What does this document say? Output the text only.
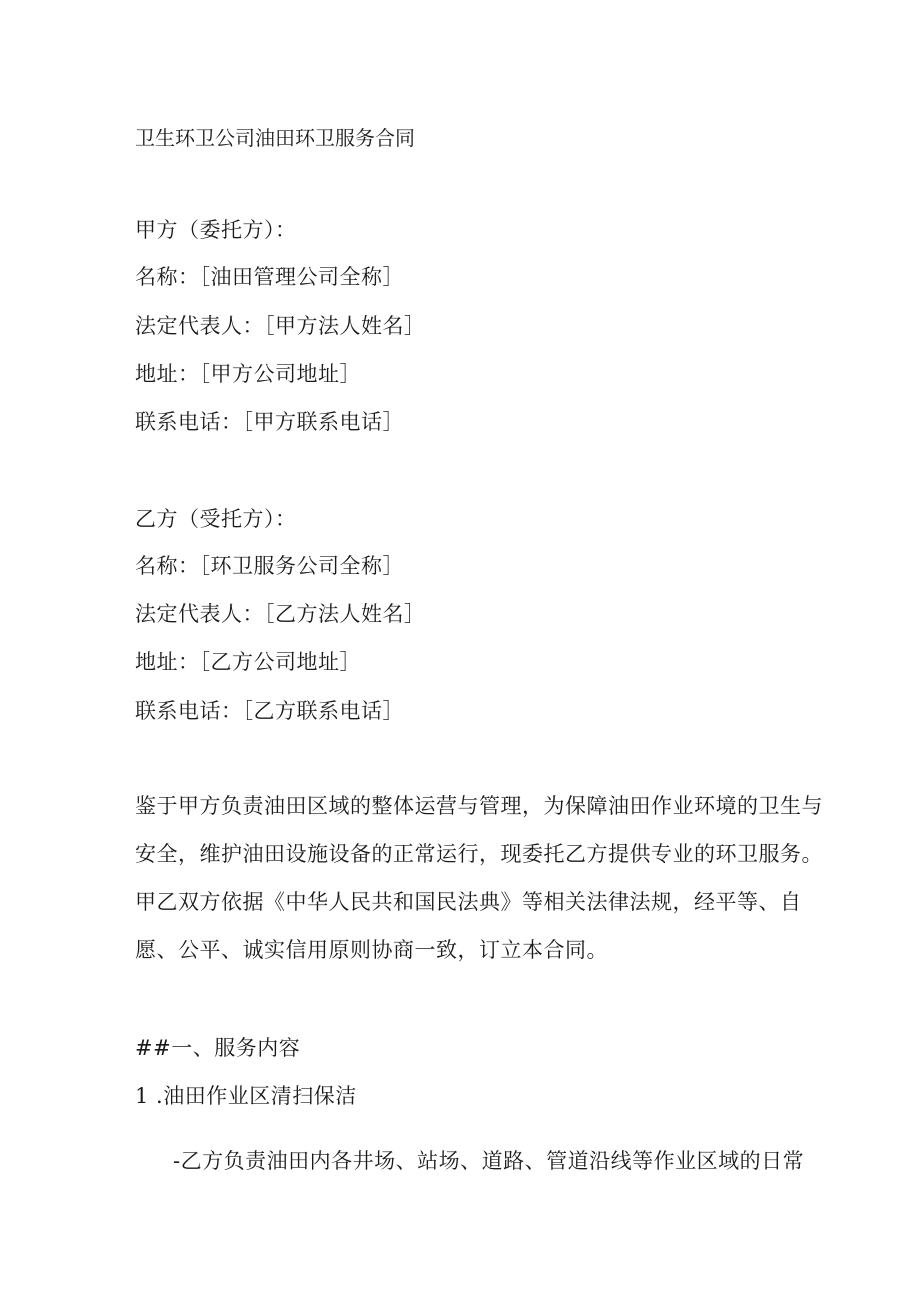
卫生环卫公司油田环卫服务合同
甲方（委托方）：
名称：［油田管理公司全称］
法定代表人：［甲方法人姓名］
地址：［甲方公司地址］
联系电话：［甲方联系电话］
乙方（受托方）：
名称：［环卫服务公司全称］
法定代表人：［乙方法人姓名］
地址：［乙方公司地址］
联系电话：［乙方联系电话］
鉴于甲方负责油田区域的整体运营与管理，为保障油田作业环境的卫生与
安全，维护油田设施设备的正常运行，现委托乙方提供专业的环卫服务。
甲乙双方依据《中华人民共和国民法典》等相关法律法规，经平等、自
愿、公平、诚实信用原则协商一致，订立本合同。
##一、服务内容
1 .油田作业区清扫保洁
-乙方负责油田内各井场、站场、道路、管道沿线等作业区域的日常
